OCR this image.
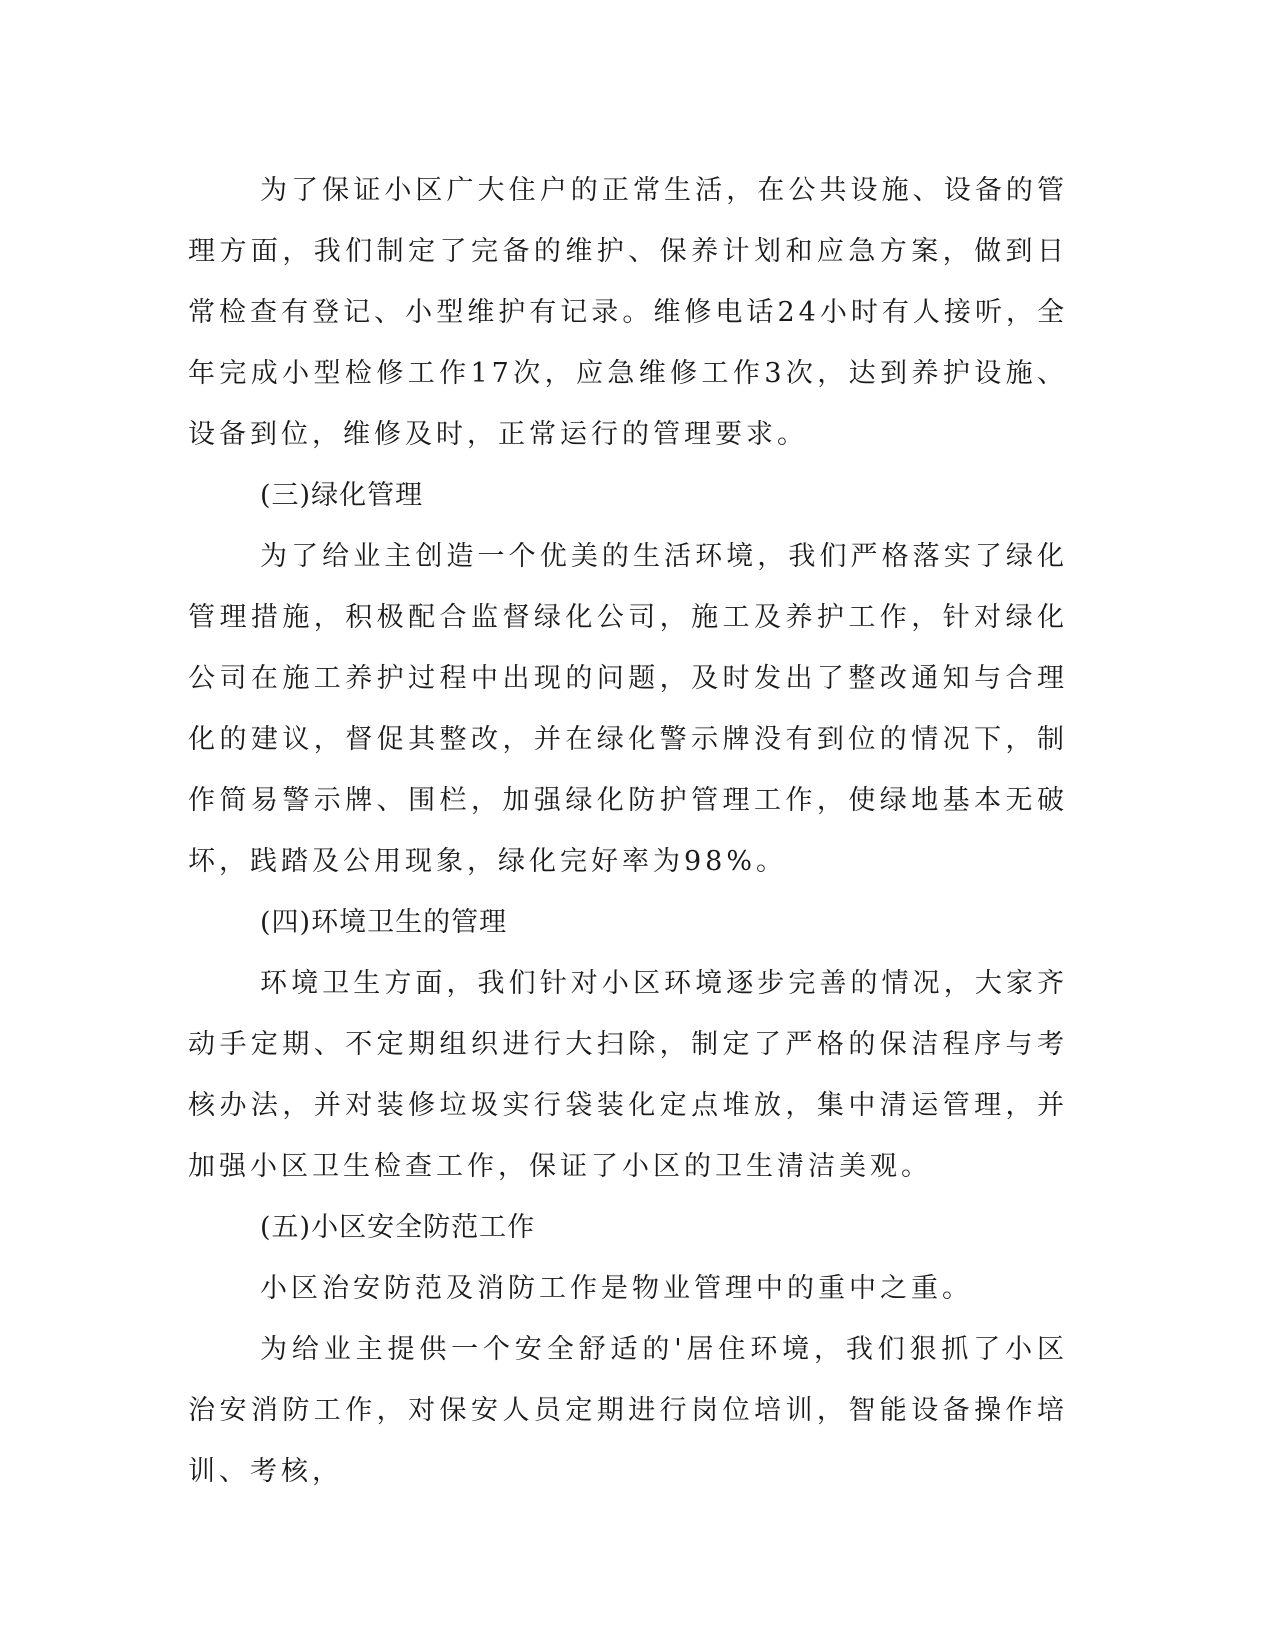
为了保证小区广大住户的正常生活，在公共设施、设备的管理方面，我们制定了完备的维护、保养计划和应急方案，做到日常检查有登记、小型维护有记录。维修电话24小时有人接听，全年完成小型检修工作17次，应急维修工作3次，达到养护设施、设备到位，维修及时，正常运行的管理要求。

(三)绿化管理

为了给业主创造一个优美的生活环境，我们严格落实了绿化管理措施，积极配合监督绿化公司，施工及养护工作，针对绿化公司在施工养护过程中出现的问题，及时发出了整改通知与合理化的建议，督促其整改，并在绿化警示牌没有到位的情况下，制作简易警示牌、围栏，加强绿化防护管理工作，使绿地基本无破坏，践踏及公用现象，绿化完好率为98%。

(四)环境卫生的管理

环境卫生方面，我们针对小区环境逐步完善的情况，大家齐动手定期、不定期组织进行大扫除，制定了严格的保洁程序与考核办法，并对装修垃圾实行袋装化定点堆放，集中清运管理，并加强小区卫生检查工作，保证了小区的卫生清洁美观。

(五)小区安全防范工作

小区治安防范及消防工作是物业管理中的重中之重。

为给业主提供一个安全舒适的'居住环境，我们狠抓了小区治安消防工作，对保安人员定期进行岗位培训，智能设备操作培训、考核，
